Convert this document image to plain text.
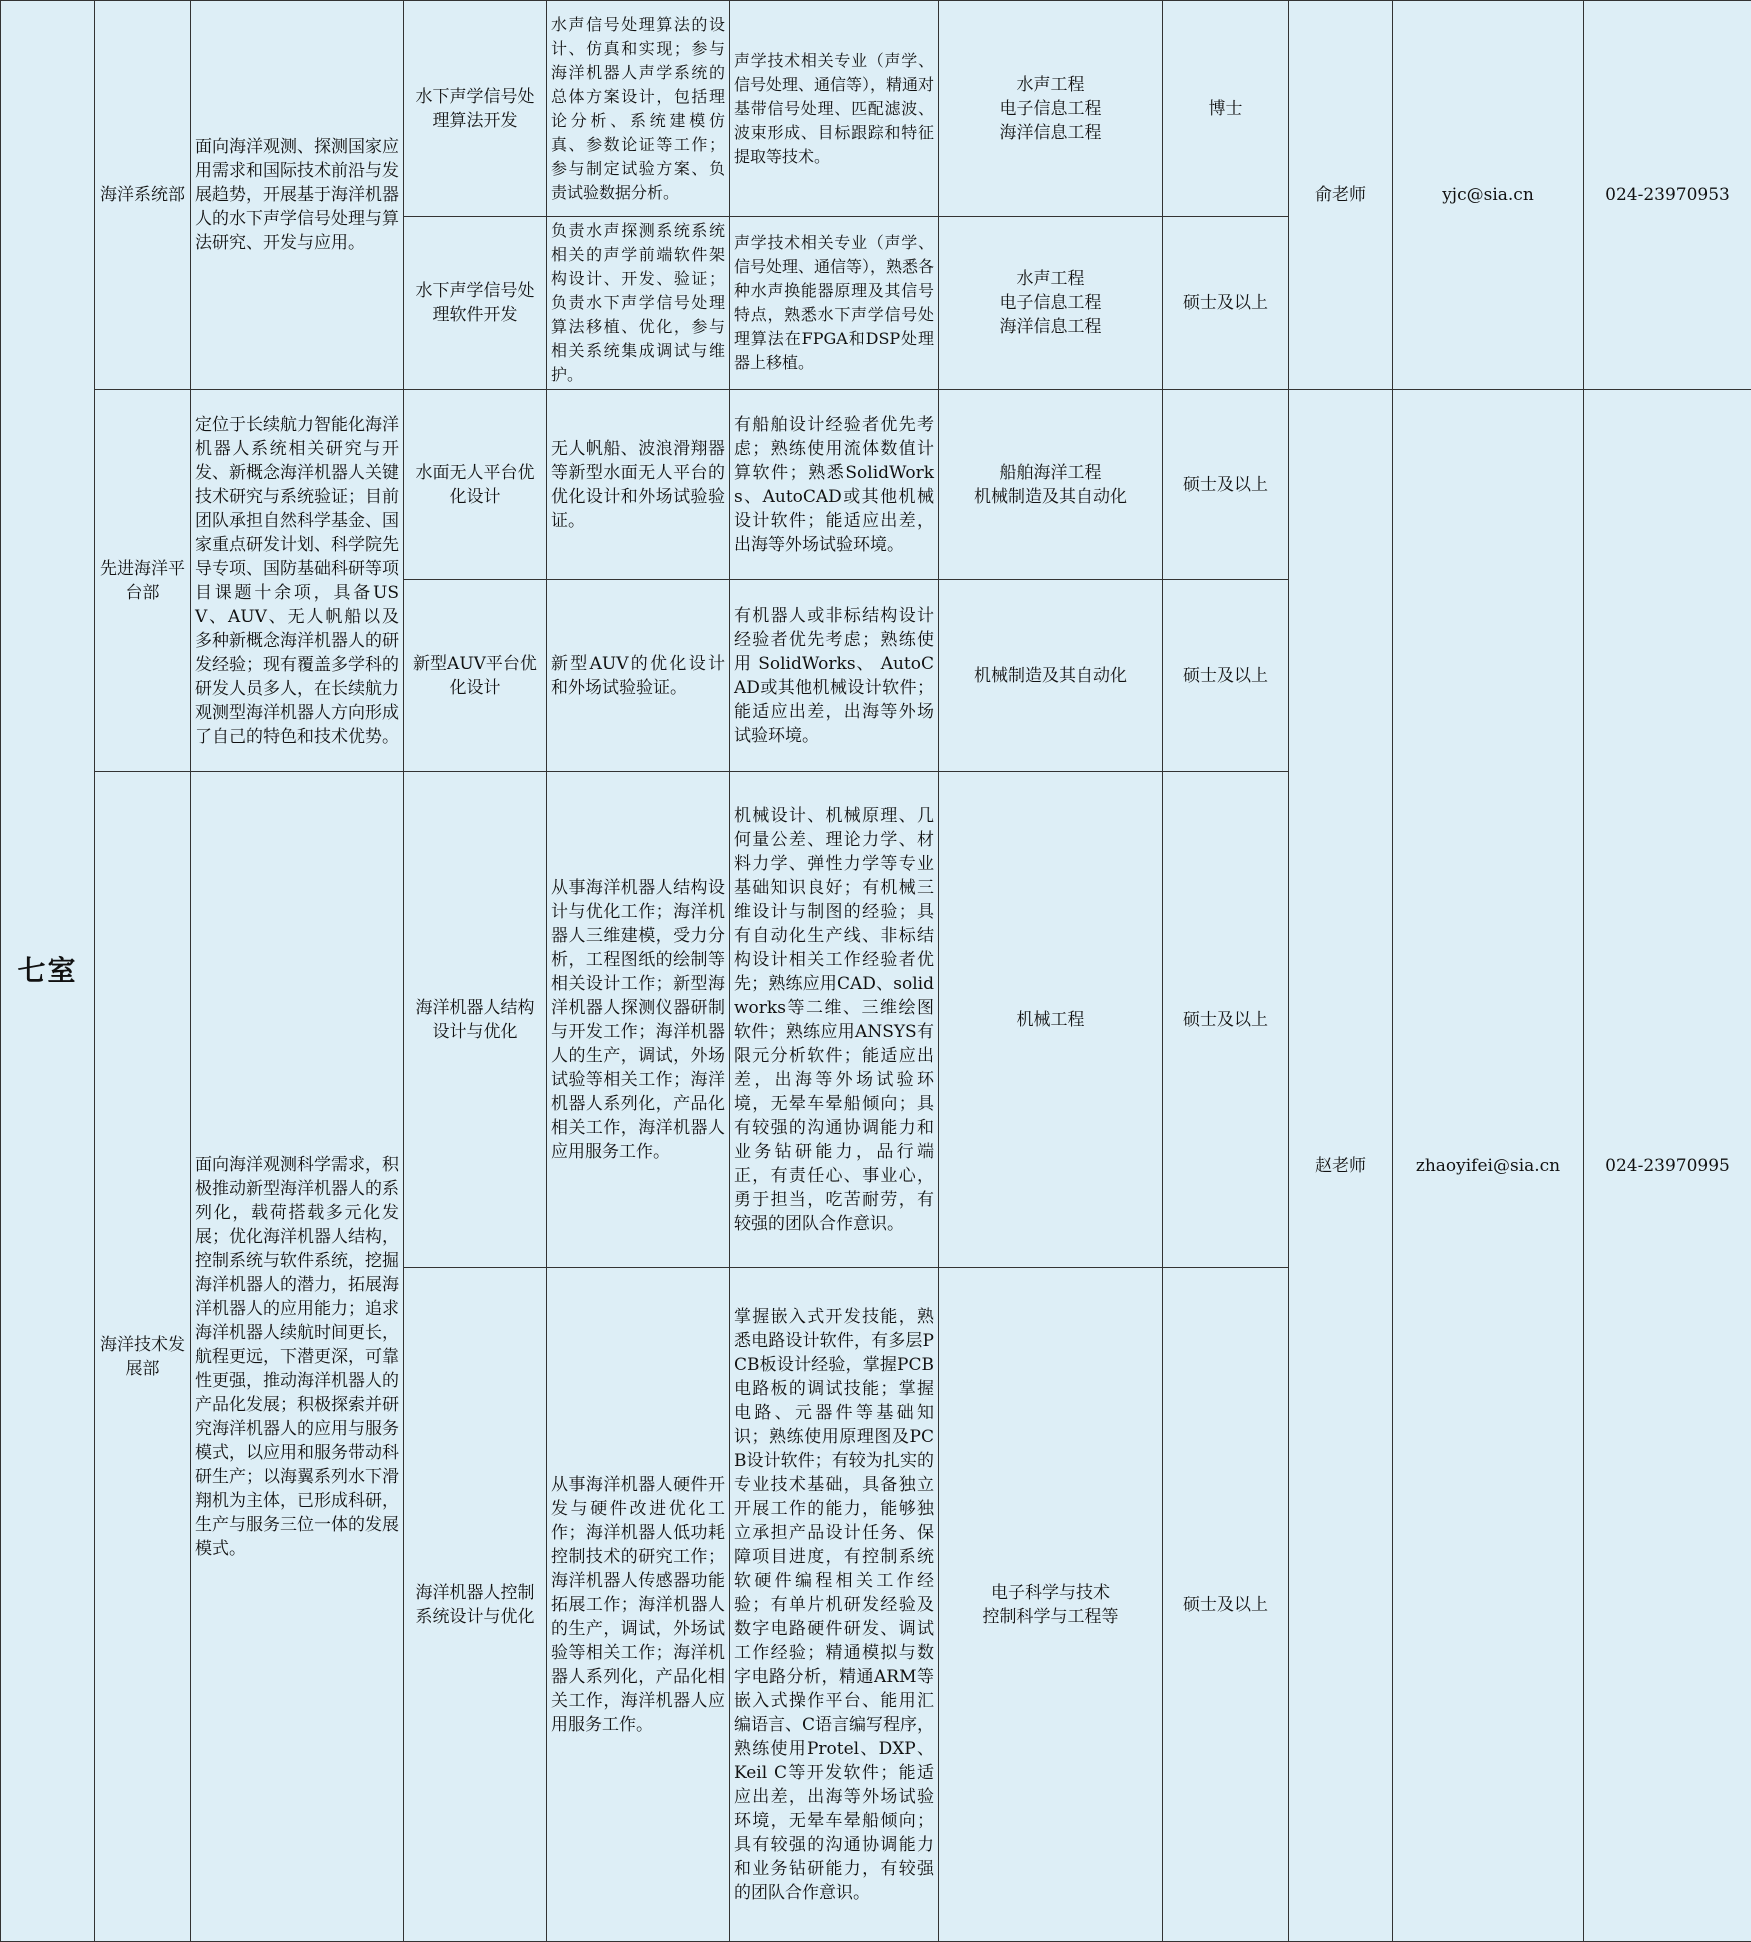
七室	海洋系统部	面向海洋观测、探测国家应用需求和国际技术前沿与发展趋势，开展基于海洋机器人的水下声学信号处理与算法研究、开发与应用。	水下声学信号处理算法开发	水声信号处理算法的设计、仿真和实现；参与海洋机器人声学系统的总体方案设计，包括理论分析、系统建模仿真、参数论证等工作；参与制定试验方案、负责试验数据分析。	声学技术相关专业（声学、信号处理、通信等），精通对基带信号处理、匹配滤波、波束形成、目标跟踪和特征提取等技术。	水声工程
电子信息工程
海洋信息工程	博士	俞老师	yjc@sia.cn	024-23970953
			水下声学信号处理软件开发	负责水声探测系统系统相关的声学前端软件架构设计、开发、验证；负责水下声学信号处理算法移植、优化，参与相关系统集成调试与维护。	声学技术相关专业（声学、信号处理、通信等），熟悉各种水声换能器原理及其信号特点，熟悉水下声学信号处理算法在FPGA和DSP处理器上移植。	水声工程
电子信息工程
海洋信息工程	硕士及以上			
	先进海洋平台部	定位于长续航力智能化海洋机器人系统相关研究与开发、新概念海洋机器人关键技术研究与系统验证；目前团队承担自然科学基金、国家重点研发计划、科学院先导专项、国防基础科研等项目课题十余项，具备USV、AUV、无人帆船以及多种新概念海洋机器人的研发经验；现有覆盖多学科的研发人员多人，在长续航力观测型海洋机器人方向形成了自己的特色和技术优势。	水面无人平台优化设计	无人帆船、波浪滑翔器等新型水面无人平台的优化设计和外场试验验证。	有船舶设计经验者优先考虑；熟练使用流体数值计算软件；熟悉SolidWorks、AutoCAD或其他机械设计软件；能适应出差，出海等外场试验环境。	船舶海洋工程
机械制造及其自动化	硕士及以上	赵老师	zhaoyifei@sia.cn	024-23970995
			新型AUV平台优化设计	新型AUV的优化设计和外场试验验证。	有机器人或非标结构设计经验者优先考虑；熟练使用 SolidWorks、 AutoCAD或其他机械设计软件；能适应出差，出海等外场试验环境。	机械制造及其自动化	硕士及以上			
	海洋技术发展部	面向海洋观测科学需求，积极推动新型海洋机器人的系列化，载荷搭载多元化发展；优化海洋机器人结构，控制系统与软件系统，挖掘海洋机器人的潜力，拓展海洋机器人的应用能力；追求海洋机器人续航时间更长，航程更远，下潜更深，可靠性更强，推动海洋机器人的产品化发展；积极探索并研究海洋机器人的应用与服务模式，以应用和服务带动科研生产；以海翼系列水下滑翔机为主体，已形成科研，生产与服务三位一体的发展模式。	海洋机器人结构设计与优化	从事海洋机器人结构设计与优化工作；海洋机器人三维建模，受力分析，工程图纸的绘制等相关设计工作；新型海洋机器人探测仪器研制与开发工作；海洋机器人的生产，调试，外场试验等相关工作；海洋机器人系列化，产品化相关工作，海洋机器人应用服务工作。	机械设计、机械原理、几何量公差、理论力学、材料力学、弹性力学等专业基础知识良好；有机械三维设计与制图的经验；具有自动化生产线、非标结构设计相关工作经验者优先；熟练应用CAD、solidworks等二维、三维绘图软件；熟练应用ANSYS有限元分析软件；能适应出差，出海等外场试验环境，无晕车晕船倾向；具有较强的沟通协调能力和业务钻研能力，品行端正，有责任心、事业心，勇于担当，吃苦耐劳，有较强的团队合作意识。	机械工程	硕士及以上			
			海洋机器人控制系统设计与优化	从事海洋机器人硬件开发与硬件改进优化工作；海洋机器人低功耗控制技术的研究工作；海洋机器人传感器功能拓展工作；海洋机器人的生产，调试，外场试验等相关工作；海洋机器人系列化，产品化相关工作，海洋机器人应用服务工作。	掌握嵌入式开发技能，熟悉电路设计软件，有多层PCB板设计经验，掌握PCB电路板的调试技能；掌握电路、元器件等基础知识；熟练使用原理图及PCB设计软件；有较为扎实的专业技术基础，具备独立开展工作的能力，能够独立承担产品设计任务、保障项目进度，有控制系统软硬件编程相关工作经验；有单片机研发经验及数字电路硬件研发、调试工作经验；精通模拟与数字电路分析，精通ARM等嵌入式操作平台、能用汇编语言、C语言编写程序，熟练使用Protel、DXP、Keil C等开发软件；能适应出差，出海等外场试验环境，无晕车晕船倾向；具有较强的沟通协调能力和业务钻研能力，有较强的团队合作意识。	电子科学与技术
控制科学与工程等	硕士及以上			
